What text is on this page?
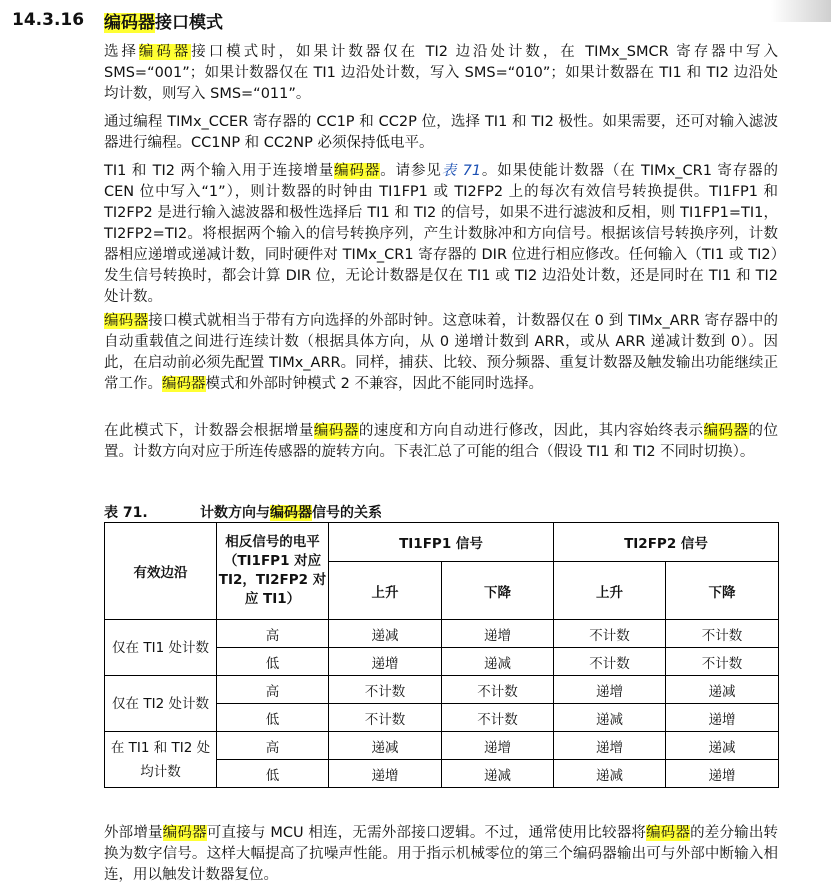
14.3.16	编码器接口模式

选择编码器接口模式时，如果计数器仅在 TI2 边沿处计数，在 TIMx_SMCR 寄存器中写入 SMS=“001”；如果计数器仅在 TI1 边沿处计数，写入 SMS=“010”；如果计数器在 TI1 和 TI2 边沿处均计数，则写入 SMS=“011”。

通过编程 TIMx_CCER 寄存器的 CC1P 和 CC2P 位，选择 TI1 和 TI2 极性。如果需要，还可对输入滤波器进行编程。CC1NP 和 CC2NP 必须保持低电平。

TI1 和 TI2 两个输入用于连接增量编码器。请参见表 71。如果使能计数器（在 TIMx_CR1 寄存器的 CEN 位中写入“1”），则计数器的时钟由 TI1FP1 或 TI2FP2 上的每次有效信号转换提供。TI1FP1 和 TI2FP2 是进行输入滤波器和极性选择后 TI1 和 TI2 的信号，如果不进行滤波和反相，则 TI1FP1=TI1，TI2FP2=TI2。将根据两个输入的信号转换序列，产生计数脉冲和方向信号。根据该信号转换序列，计数器相应递增或递减计数，同时硬件对 TIMx_CR1 寄存器的 DIR 位进行相应修改。任何输入（TI1 或 TI2）发生信号转换时，都会计算 DIR 位，无论计数器是仅在 TI1 或 TI2 边沿处计数，还是同时在 TI1 和 TI2 处计数。

编码器接口模式就相当于带有方向选择的外部时钟。这意味着，计数器仅在 0 到 TIMx_ARR 寄存器中的自动重载值之间进行连续计数（根据具体方向，从 0 递增计数到 ARR，或从 ARR 递减计数到 0）。因此，在启动前必须先配置 TIMx_ARR。同样，捕获、比较、预分频器、重复计数器及触发输出功能继续正常工作。编码器模式和外部时钟模式 2 不兼容，因此不能同时选择。

在此模式下，计数器会根据增量编码器的速度和方向自动进行修改，因此，其内容始终表示编码器的位置。计数方向对应于所连传感器的旋转方向。下表汇总了可能的组合（假设 TI1 和 TI2 不同时切换）。

表 71.	计数方向与编码器信号的关系
有效边沿	相反信号的电平（TI1FP1 对应 TI2，TI2FP2 对应 TI1）	TI1FP1 信号		TI2FP2 信号	
		上升	下降	上升	下降
仅在 TI1 处计数	高	递减	递增	不计数	不计数
	低	递增	递减	不计数	不计数
仅在 TI2 处计数	高	不计数	不计数	递增	递减
	低	不计数	不计数	递减	递增
在 TI1 和 TI2 处均计数	高	递减	递增	递增	递减
	低	递增	递减	递减	递增

外部增量编码器可直接与 MCU 相连，无需外部接口逻辑。不过，通常使用比较器将编码器的差分输出转换为数字信号。这样大幅提高了抗噪声性能。用于指示机械零位的第三个编码器输出可与外部中断输入相连，用以触发计数器复位。
